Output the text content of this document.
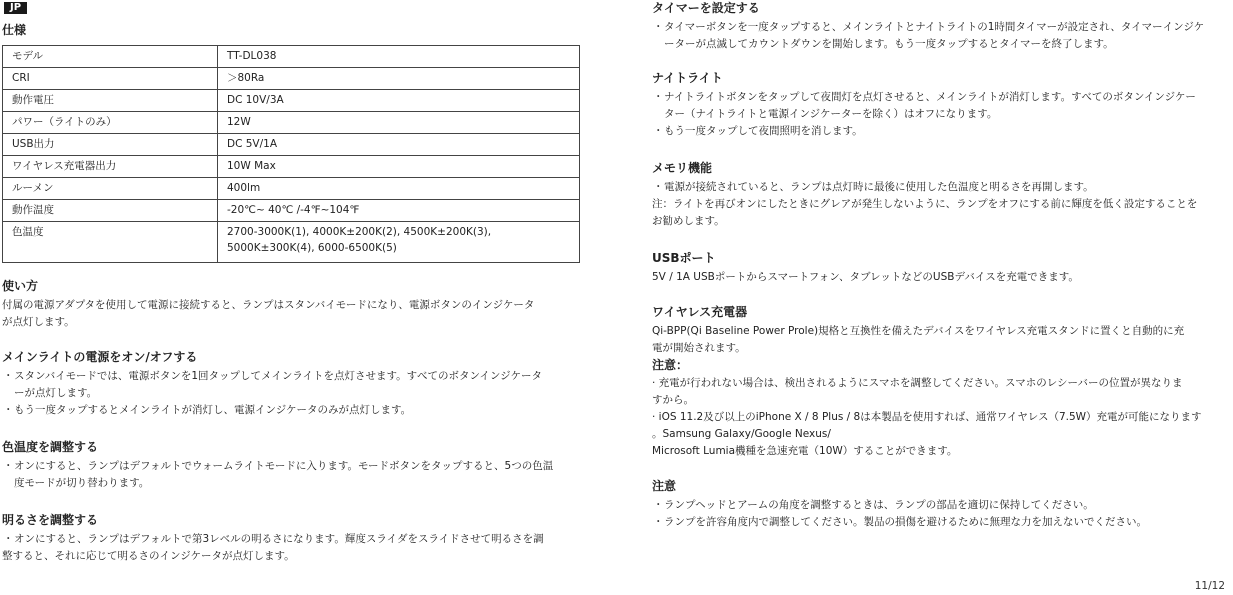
JP
仕様
モデル	TT-DL038
CRI	＞80Ra
動作電圧	DC 10V/3A
パワー（ライトのみ）	12W
USB出力	DC 5V/1A
ワイヤレス充電器出力	10W Max
ルーメン	400lm
動作温度	-20℃~ 40℃ /-4℉~104℉
色温度	2700-3000K(1), 4000K±200K(2), 4500K±200K(3),
5000K±300K(4), 6000-6500K(5)

使い方

付属の電源アダプタを使用して電源に接続すると、ランプはスタンバイモードになり、電源ボタンのインジケータ

が点灯します。

メインライトの電源をオン/オフする

・ スタンバイモードでは、電源ボタンを1回タップしてメインライトを点灯させます。すべてのボタンインジケータ
ーが点灯します。
・ もう一度タップするとメインライトが消灯し、電源インジケータのみが点灯します。

色温度を調整する

・ オンにすると、ランプはデフォルトでウォームライトモードに入ります。モードボタンをタップすると、5つの色温
度モードが切り替わります。

明るさを調整する

・ オンにすると、ランプはデフォルトで第3レベルの明るさになります。輝度スライダをスライドさせて明るさを調

整すると、それに応じて明るさのインジケータが点灯します。

タイマーを設定する

・ タイマーボタンを一度タップすると、メインライトとナイトライトの1時間タイマーが設定され、タイマーインジケ
ーターが点滅してカウントダウンを開始します。もう一度タップするとタイマーを終了します。

ナイトライト

・ ナイトライトボタンをタップして夜間灯を点灯させると、メインライトが消灯します。すべてのボタンインジケー
ター（ナイトライトと電源インジケーターを除く）はオフになります。
・ もう一度タップして夜間照明を消します。

メモリ機能

・ 電源が接続されていると、ランプは点灯時に最後に使用した色温度と明るさを再開します。

注：ライトを再びオンにしたときにグレアが発生しないように、ランプをオフにする前に輝度を低く設定することを

お勧めします。

USBポート

5V / 1A USBポートからスマートフォン、タブレットなどのUSBデバイスを充電できます。

ワイヤレス充電器

Qi-BPP(Qi Baseline Power Prole)規格と互換性を備えたデバイスをワイヤレス充電スタンドに置くと自動的に充

電が開始されます。

注意：

· 充電が行われない場合は、検出されるようにスマホを調整してください。スマホのレシーバーの位置が異なりま

すから。

· iOS 11.2及び以上のiPhone X / 8 Plus / 8は本製品を使用すれば、通常ワイヤレス（7.5W）充電が可能になります

。Samsung Galaxy/Google Nexus/

Microsoft Lumia機種を急速充電（10W）することができます。

注意

・ ランプヘッドとアームの角度を調整するときは、ランプの部品を適切に保持してください。
・ ランプを許容角度内で調整してください。製品の損傷を避けるために無理な力を加えないでください。
11/12
